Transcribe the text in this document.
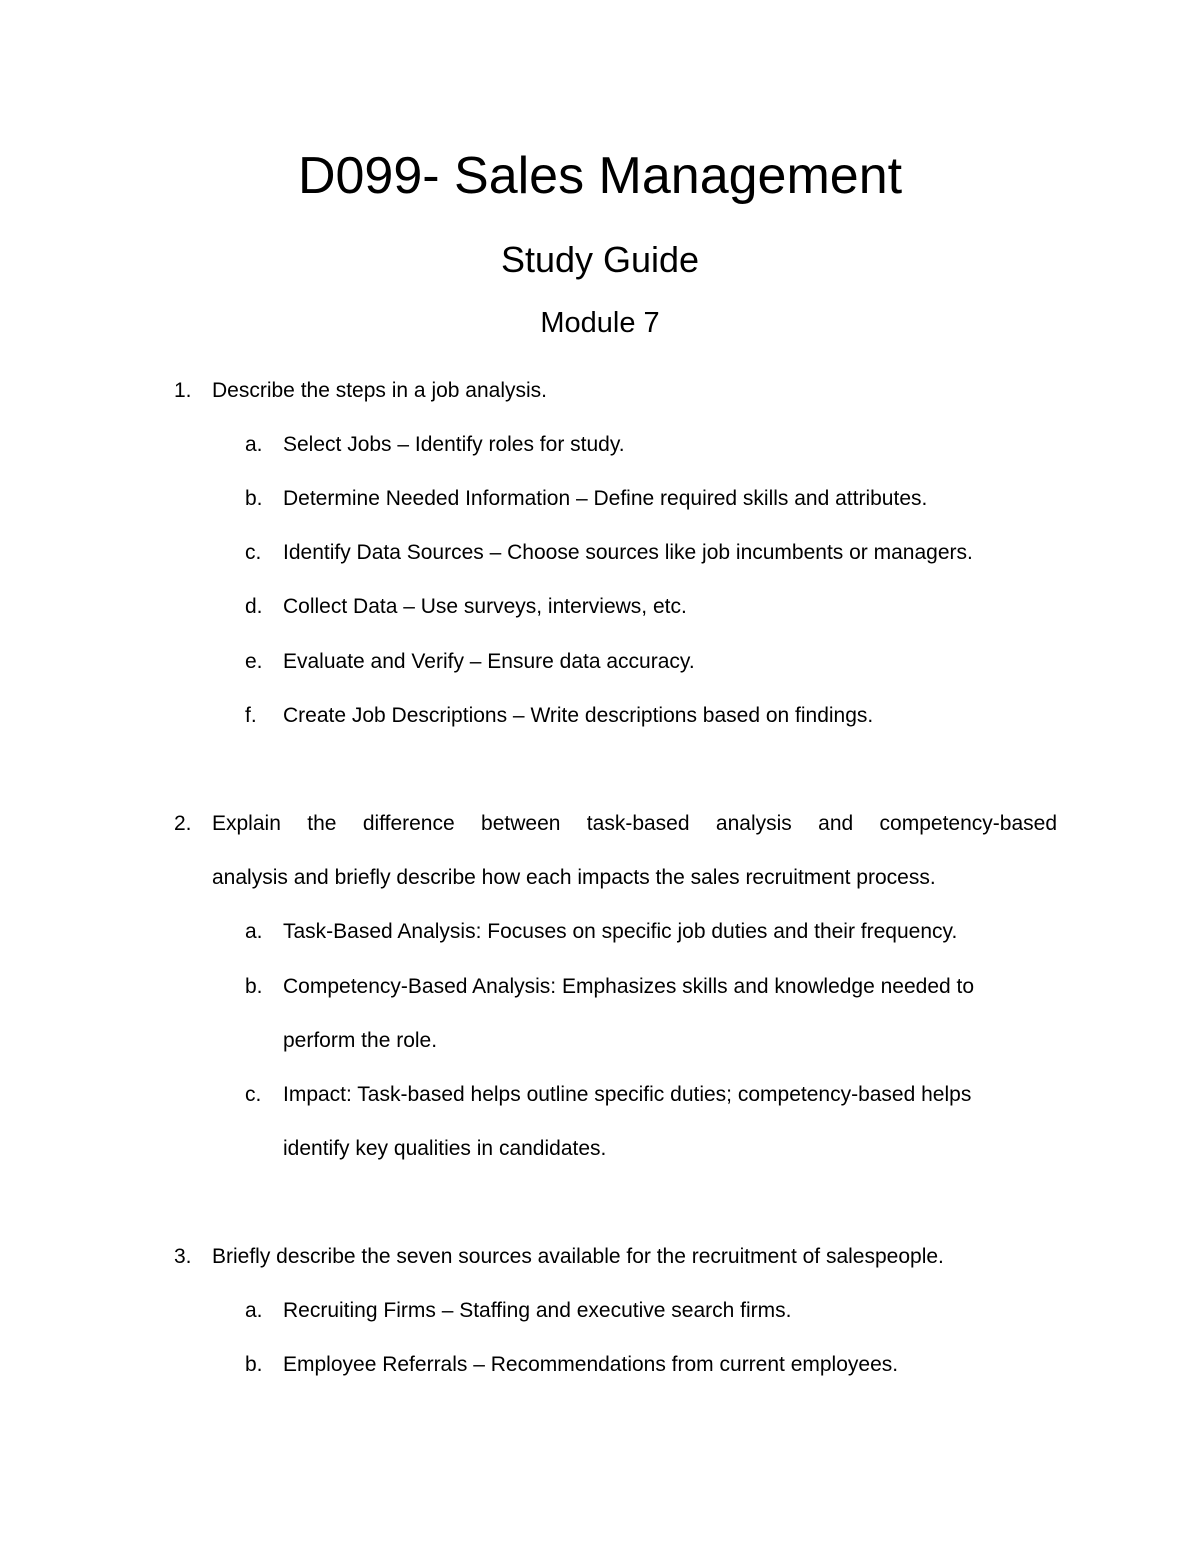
D099- Sales Management
Study Guide
Module 7
1. Describe the steps in a job analysis.
a. Select Jobs – Identify roles for study.
b. Determine Needed Information – Define required skills and attributes.
c.	Identify Data Sources – Choose sources like job incumbents or managers.
d. Collect Data – Use surveys, interviews, etc.
e. Evaluate and Verify – Ensure data accuracy.
f.	Create Job Descriptions – Write descriptions based on findings.
2. Explain the difference between task-based analysis and competency-based
analysis and briefly describe how each impacts the sales recruitment process.
a. Task-Based Analysis: Focuses on specific job duties and their frequency.
b. Competency-Based Analysis: Emphasizes skills and knowledge needed to
perform the role.
c.	Impact: Task-based helps outline specific duties; competency-based helps
identify key qualities in candidates.
3. Briefly describe the seven sources available for the recruitment of salespeople.
a. Recruiting Firms – Staffing and executive search firms.
b. Employee Referrals – Recommendations from current employees.
